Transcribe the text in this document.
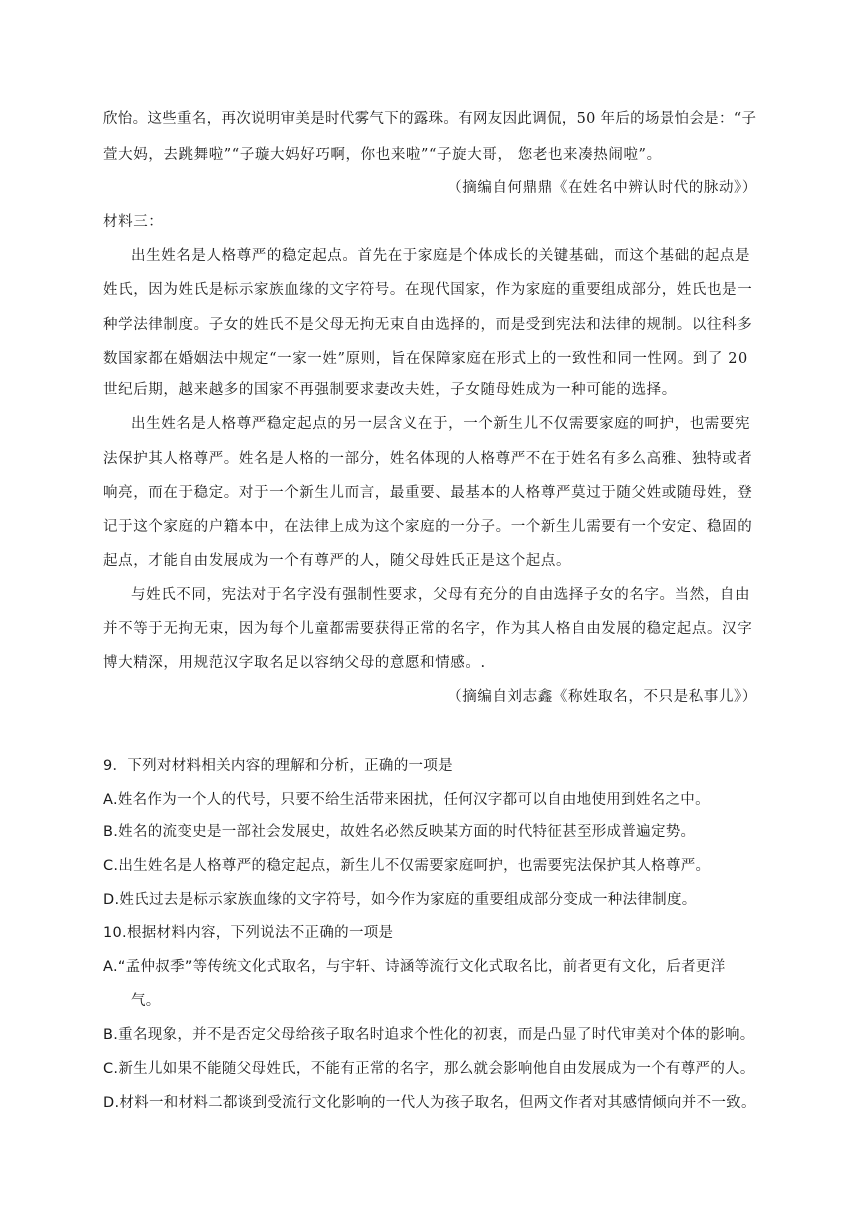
欣怡。这些重名，再次说明审美是时代雾气下的露珠。有网友因此调侃，50 年后的场景怕会是：“子
萱大妈，去跳舞啦”“子璇大妈好巧啊，你也来啦”“子旋大哥， 您老也来凑热闹啦”。
（摘编自何鼎鼎《在姓名中辨认时代的脉动》）
材料三：
出生姓名是人格尊严的稳定起点。首先在于家庭是个体成长的关键基础，而这个基础的起点是
姓氏，因为姓氏是标示家族血缘的文字符号。在现代国家，作为家庭的重要组成部分，姓氏也是一
种学法律制度。子女的姓氏不是父母无拘无束自由选择的，而是受到宪法和法律的规制。以往科多
数国家都在婚姻法中规定“一家一姓”原则，旨在保障家庭在形式上的一致性和同一性网。到了 20
世纪后期，越来越多的国家不再强制要求妻改夫姓，子女随母姓成为一种可能的选择。
出生姓名是人格尊严稳定起点的另一层含义在于，一个新生儿不仅需要家庭的呵护，也需要宪
法保护其人格尊严。姓名是人格的一部分，姓名体现的人格尊严不在于姓名有多么高雅、独特或者
响亮，而在于稳定。对于一个新生儿而言，最重要、最基本的人格尊严莫过于随父姓或随母姓，登
记于这个家庭的户籍本中，在法律上成为这个家庭的一分子。一个新生儿需要有一个安定、稳固的
起点，才能自由发展成为一个有尊严的人，随父母姓氏正是这个起点。
与姓氏不同，宪法对于名字没有强制性要求，父母有充分的自由选择子女的名字。当然，自由
并不等于无拘无束，因为每个儿童都需要获得正常的名字，作为其人格自由发展的稳定起点。汉字
博大精深，用规范汉字取名足以容纳父母的意愿和情感。.
（摘编自刘志鑫《称姓取名，不只是私事儿》）
9．下列对材料相关内容的理解和分析，正确的一项是
A.姓名作为一个人的代号，只要不给生活带来困扰，任何汉字都可以自由地使用到姓名之中。
B.姓名的流变史是一部社会发展史，故姓名必然反映某方面的时代特征甚至形成普遍定势。
C.出生姓名是人格尊严的稳定起点，新生儿不仅需要家庭呵护，也需要宪法保护其人格尊严。
D.姓氏过去是标示家族血缘的文字符号，如今作为家庭的重要组成部分变成一种法律制度。
10.根据材料内容，下列说法不正确的一项是
A.“孟仲叔季”等传统文化式取名，与宇轩、诗涵等流行文化式取名比，前者更有文化，后者更洋
气。
B.重名现象，并不是否定父母给孩子取名时追求个性化的初衷，而是凸显了时代审美对个体的影响。
C.新生儿如果不能随父母姓氏，不能有正常的名字，那么就会影响他自由发展成为一个有尊严的人。
D.材料一和材料二都谈到受流行文化影响的一代人为孩子取名，但两文作者对其感情倾向并不一致。
